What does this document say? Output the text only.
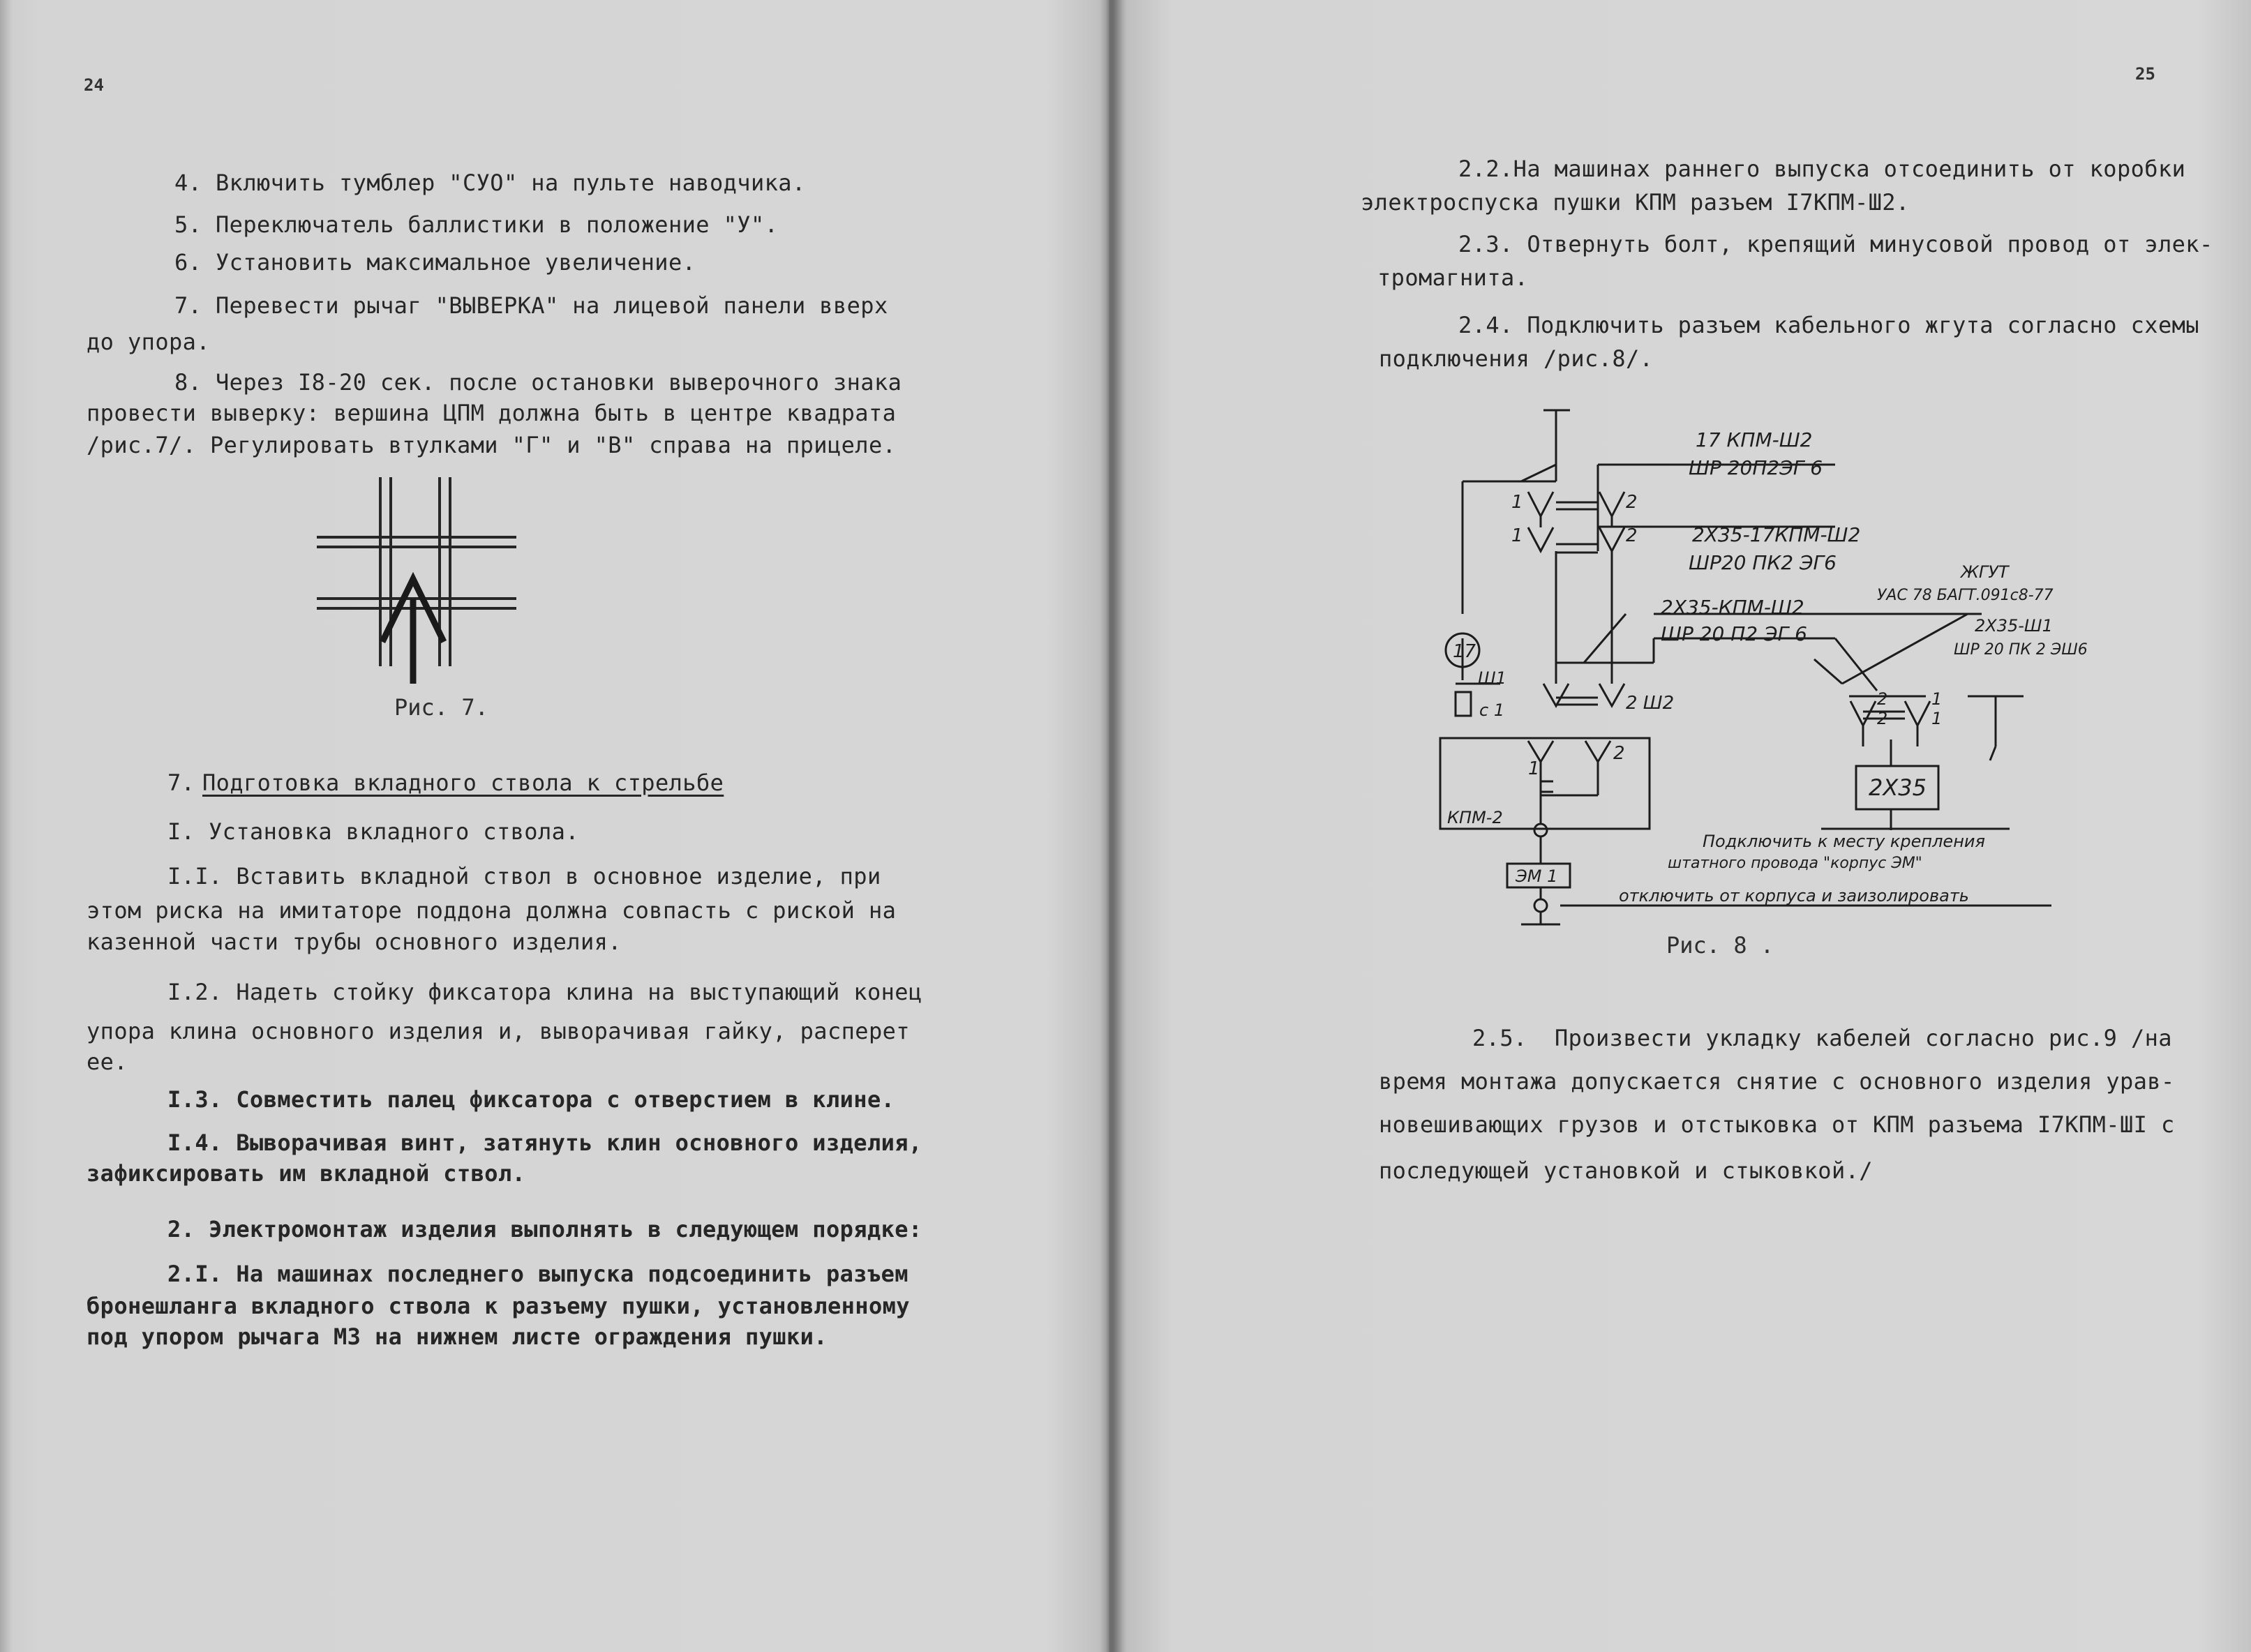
24
4. Включить тумблер "СУО" на пульте наводчика.
5. Переключатель баллистики в положение "У".
6. Установить максимальное увеличение.
7. Перевести рычаг "ВЫВЕРКА" на лицевой панели вверх
до упора.
8. Через I8-20 сек. после остановки выверочного знака
провести выверку: вершина ЦПМ должна быть в центре квадрата
/рис.7/. Регулировать втулками "Г" и "В" справа на прицеле.
Рис. 7.
7. Подготовка вкладного ствола к стрельбе
I. Установка вкладного ствола.
I.I. Вставить вкладной ствол в основное изделие, при
этом риска на имитаторе поддона должна совпасть с риской на
казенной части трубы основного изделия.
I.2. Надеть стойку фиксатора клина на выступающий конец
упора клина основного изделия и, выворачивая гайку, расперет
ее.
I.3. Совместить палец фиксатора с отверстием в клине.
I.4. Выворачивая винт, затянуть клин основного изделия,
зафиксировать им вкладной ствол.
2. Электромонтаж изделия выполнять в следующем порядке:
2.I. На машинах последнего выпуска подсоединить разъем
бронешланга вкладного ствола к разъему пушки, установленному
под упором рычага МЗ на нижнем листе ограждения пушки.
25
2.2.На машинах раннего выпуска отсоединить от коробки
электроспуска пушки КПМ разъем I7КПМ-Ш2.
2.3. Отвернуть болт, крепящий минусовой провод от элек-
тромагнита.
2.4. Подключить разъем кабельного жгута согласно схемы
подключения /рис.8/.
17 КПМ-Ш2
ШР 20П2ЭГ 6
2Х35-17КПМ-Ш2
ШР20 ПК2 ЭГ6	ЖГУТ
УАС 78 БАГТ.091с8-77
2Х35-КПМ-Ш2
ШР 20 П2 ЭГ 6	2Х35-Ш1
ШР 20 ПК 2 ЭШ6
17
Ш1
с 1	2 Ш2
КПМ-2
ЭМ 1
2Х35
Подключить к месту крепления
штатного провода "корпус ЭМ"
отключить от корпуса и заизолировать
1	2
1	2
1
2
2
2
1
1
Рис. 8 .
2.5.  Произвести укладку кабелей согласно рис.9 /на
время монтажа допускается снятие с основного изделия урав-
новешивающих грузов и отстыковка от КПМ разъема I7КПМ-ШI с
последующей установкой и стыковкой./
